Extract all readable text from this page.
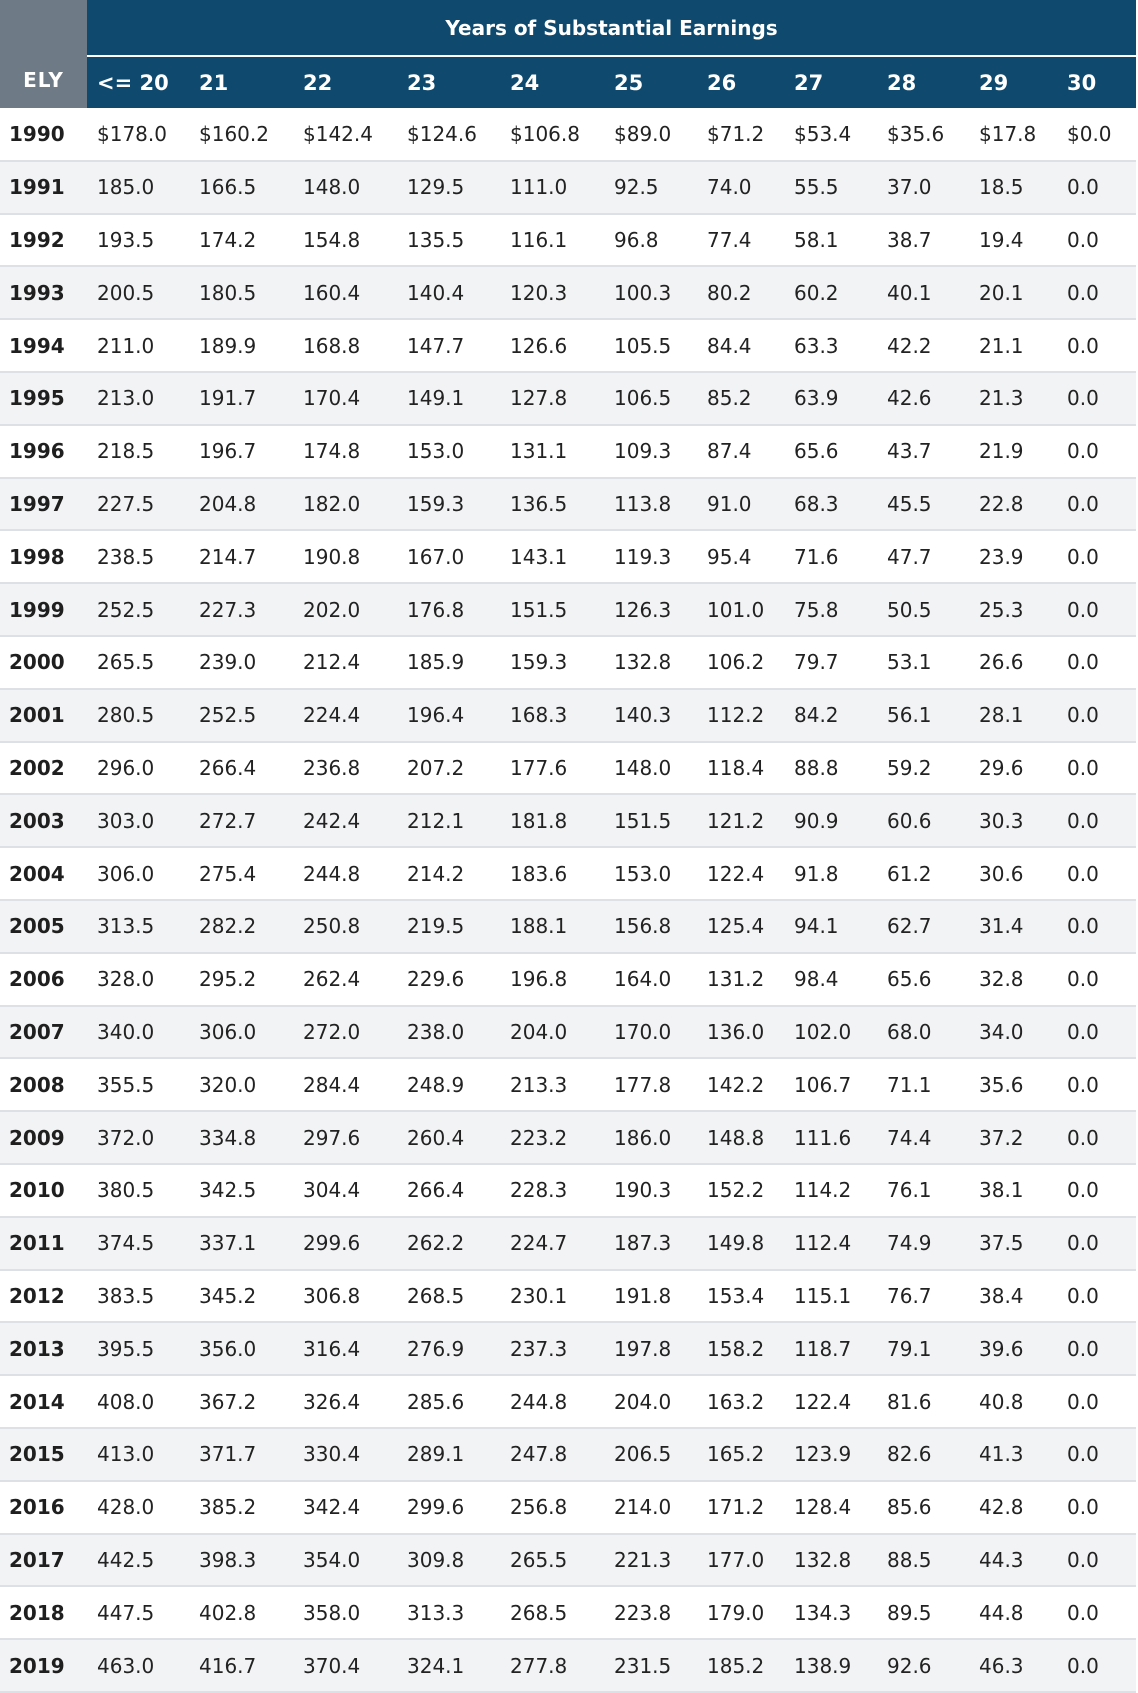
ELY	Years of Substantial Earnings										
	<= 20	21	22	23	24	25	26	27	28	29	30
1990	$178.0	$160.2	$142.4	$124.6	$106.8	$89.0	$71.2	$53.4	$35.6	$17.8	$0.0
1991	185.0	166.5	148.0	129.5	111.0	92.5	74.0	55.5	37.0	18.5	0.0
1992	193.5	174.2	154.8	135.5	116.1	96.8	77.4	58.1	38.7	19.4	0.0
1993	200.5	180.5	160.4	140.4	120.3	100.3	80.2	60.2	40.1	20.1	0.0
1994	211.0	189.9	168.8	147.7	126.6	105.5	84.4	63.3	42.2	21.1	0.0
1995	213.0	191.7	170.4	149.1	127.8	106.5	85.2	63.9	42.6	21.3	0.0
1996	218.5	196.7	174.8	153.0	131.1	109.3	87.4	65.6	43.7	21.9	0.0
1997	227.5	204.8	182.0	159.3	136.5	113.8	91.0	68.3	45.5	22.8	0.0
1998	238.5	214.7	190.8	167.0	143.1	119.3	95.4	71.6	47.7	23.9	0.0
1999	252.5	227.3	202.0	176.8	151.5	126.3	101.0	75.8	50.5	25.3	0.0
2000	265.5	239.0	212.4	185.9	159.3	132.8	106.2	79.7	53.1	26.6	0.0
2001	280.5	252.5	224.4	196.4	168.3	140.3	112.2	84.2	56.1	28.1	0.0
2002	296.0	266.4	236.8	207.2	177.6	148.0	118.4	88.8	59.2	29.6	0.0
2003	303.0	272.7	242.4	212.1	181.8	151.5	121.2	90.9	60.6	30.3	0.0
2004	306.0	275.4	244.8	214.2	183.6	153.0	122.4	91.8	61.2	30.6	0.0
2005	313.5	282.2	250.8	219.5	188.1	156.8	125.4	94.1	62.7	31.4	0.0
2006	328.0	295.2	262.4	229.6	196.8	164.0	131.2	98.4	65.6	32.8	0.0
2007	340.0	306.0	272.0	238.0	204.0	170.0	136.0	102.0	68.0	34.0	0.0
2008	355.5	320.0	284.4	248.9	213.3	177.8	142.2	106.7	71.1	35.6	0.0
2009	372.0	334.8	297.6	260.4	223.2	186.0	148.8	111.6	74.4	37.2	0.0
2010	380.5	342.5	304.4	266.4	228.3	190.3	152.2	114.2	76.1	38.1	0.0
2011	374.5	337.1	299.6	262.2	224.7	187.3	149.8	112.4	74.9	37.5	0.0
2012	383.5	345.2	306.8	268.5	230.1	191.8	153.4	115.1	76.7	38.4	0.0
2013	395.5	356.0	316.4	276.9	237.3	197.8	158.2	118.7	79.1	39.6	0.0
2014	408.0	367.2	326.4	285.6	244.8	204.0	163.2	122.4	81.6	40.8	0.0
2015	413.0	371.7	330.4	289.1	247.8	206.5	165.2	123.9	82.6	41.3	0.0
2016	428.0	385.2	342.4	299.6	256.8	214.0	171.2	128.4	85.6	42.8	0.0
2017	442.5	398.3	354.0	309.8	265.5	221.3	177.0	132.8	88.5	44.3	0.0
2018	447.5	402.8	358.0	313.3	268.5	223.8	179.0	134.3	89.5	44.8	0.0
2019	463.0	416.7	370.4	324.1	277.8	231.5	185.2	138.9	92.6	46.3	0.0
